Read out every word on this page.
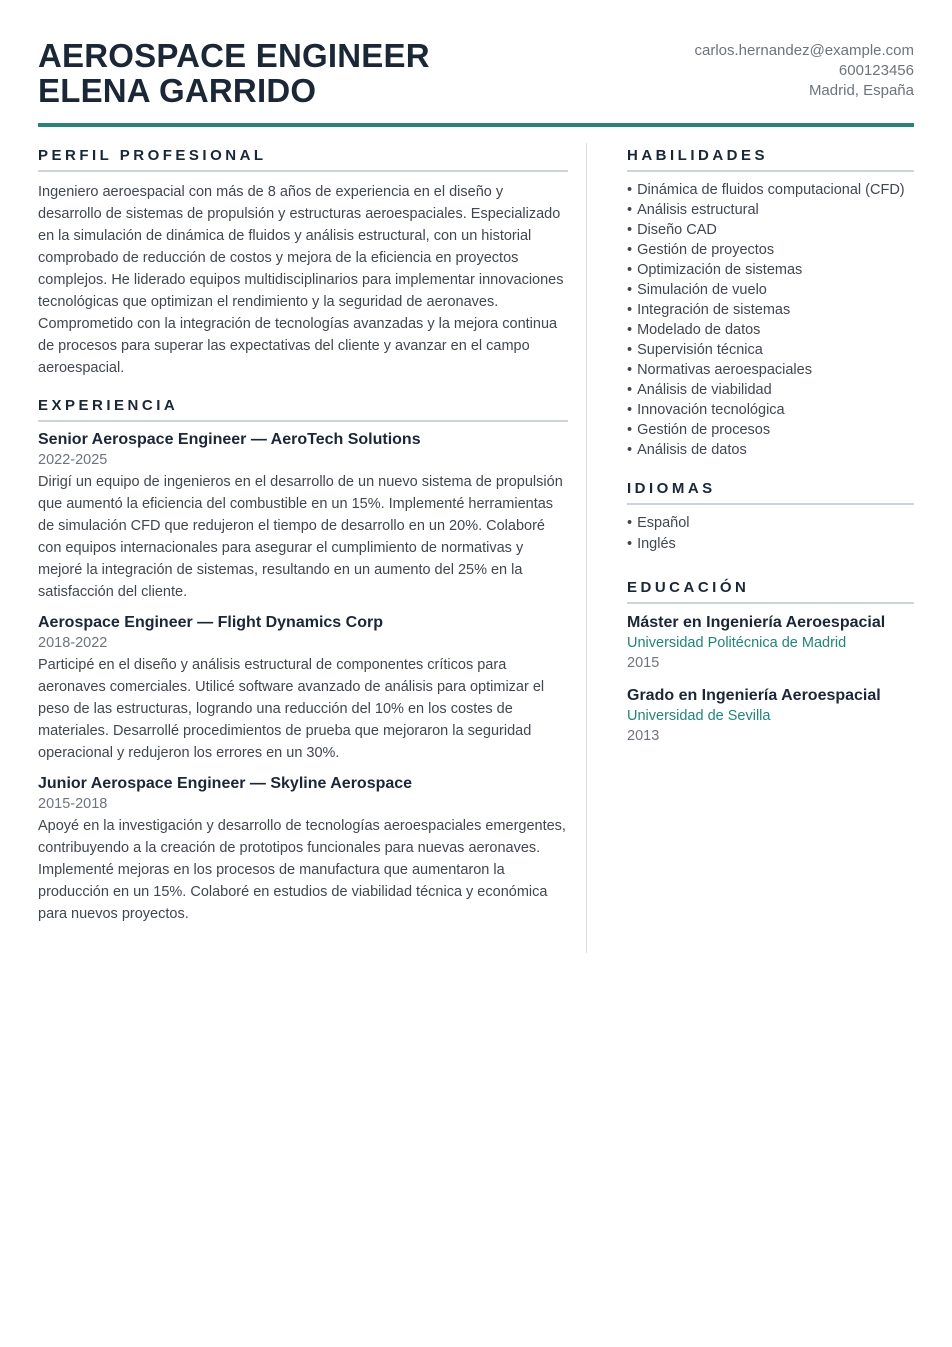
AEROSPACE ENGINEER
ELENA GARRIDO
carlos.hernandez@example.com
600123456
Madrid, España
PERFIL PROFESIONAL

Ingeniero aeroespacial con más de 8 años de experiencia en el diseño y desarrollo de sistemas de propulsión y estructuras aeroespaciales. Especializado en la simulación de dinámica de fluidos y análisis estructural, con un historial comprobado de reducción de costos y mejora de la eficiencia en proyectos complejos. He liderado equipos multidisciplinarios para implementar innovaciones tecnológicas que optimizan el rendimiento y la seguridad de aeronaves. Comprometido con la integración de tecnologías avanzadas y la mejora continua de procesos para superar las expectativas del cliente y avanzar en el campo aeroespacial.

EXPERIENCIA
Senior Aerospace Engineer — AeroTech Solutions
2022-2025

Dirigí un equipo de ingenieros en el desarrollo de un nuevo sistema de propulsión que aumentó la eficiencia del combustible en un 15%. Implementé herramientas de simulación CFD que redujeron el tiempo de desarrollo en un 20%. Colaboré con equipos internacionales para asegurar el cumplimiento de normativas y mejoré la integración de sistemas, resultando en un aumento del 25% en la satisfacción del cliente.

Aerospace Engineer — Flight Dynamics Corp
2018-2022

Participé en el diseño y análisis estructural de componentes críticos para aeronaves comerciales. Utilicé software avanzado de análisis para optimizar el peso de las estructuras, logrando una reducción del 10% en los costes de materiales. Desarrollé procedimientos de prueba que mejoraron la seguridad operacional y redujeron los errores en un 30%.

Junior Aerospace Engineer — Skyline Aerospace
2015-2018

Apoyé en la investigación y desarrollo de tecnologías aeroespaciales emergentes, contribuyendo a la creación de prototipos funcionales para nuevas aeronaves. Implementé mejoras en los procesos de manufactura que aumentaron la producción en un 15%. Colaboré en estudios de viabilidad técnica y económica para nuevos proyectos.

HABILIDADES
• Dinámica de fluidos computacional (CFD)
• Análisis estructural
• Diseño CAD
• Gestión de proyectos
• Optimización de sistemas
• Simulación de vuelo
• Integración de sistemas
• Modelado de datos
• Supervisión técnica
• Normativas aeroespaciales
• Análisis de viabilidad
• Innovación tecnológica
• Gestión de procesos
• Análisis de datos
IDIOMAS
• Español
• Inglés
EDUCACIÓN
Máster en Ingeniería Aeroespacial
Universidad Politécnica de Madrid
2015
Grado en Ingeniería Aeroespacial
Universidad de Sevilla
2013
